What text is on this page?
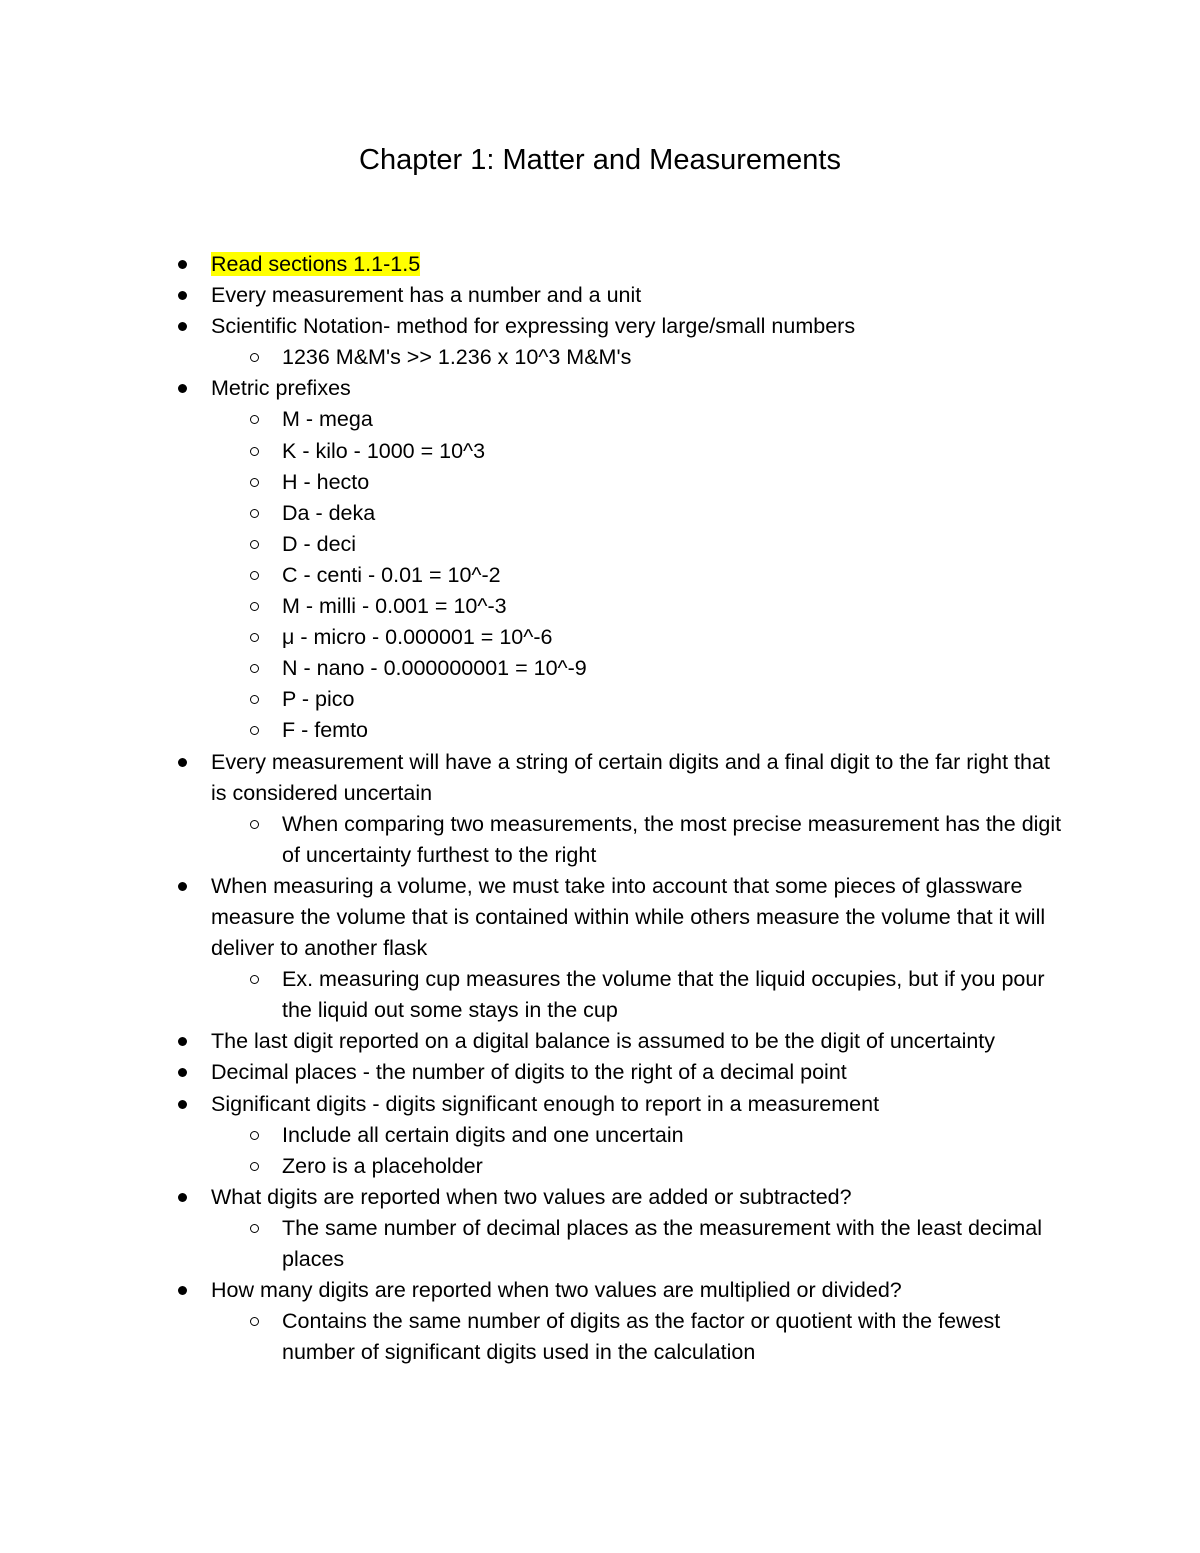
Chapter 1: Matter and Measurements
Read sections 1.1-1.5
Every measurement has a number and a unit
Scientific Notation- method for expressing very large/small numbers
1236 M&M's >> 1.236 x 10^3 M&M's
Metric prefixes
M - mega
K - kilo - 1000 = 10^3
H - hecto
Da - deka
D - deci
C - centi - 0.01 = 10^-2
M - milli - 0.001 = 10^-3
μ - micro - 0.000001 = 10^-6
N - nano - 0.000000001 = 10^-9
P - pico
F - femto
Every measurement will have a string of certain digits and a final digit to the far right that is considered uncertain
When comparing two measurements, the most precise measurement has the digit of uncertainty furthest to the right
When measuring a volume, we must take into account that some pieces of glassware measure the volume that is contained within while others measure the volume that it will deliver to another flask
Ex. measuring cup measures the volume that the liquid occupies, but if you pour the liquid out some stays in the cup
The last digit reported on a digital balance is assumed to be the digit of uncertainty
Decimal places - the number of digits to the right of a decimal point
Significant digits - digits significant enough to report in a measurement
Include all certain digits and one uncertain
Zero is a placeholder
What digits are reported when two values are added or subtracted?
The same number of decimal places as the measurement with the least decimal places
How many digits are reported when two values are multiplied or divided?
Contains the same number of digits as the factor or quotient with the fewest number of significant digits used in the calculation
